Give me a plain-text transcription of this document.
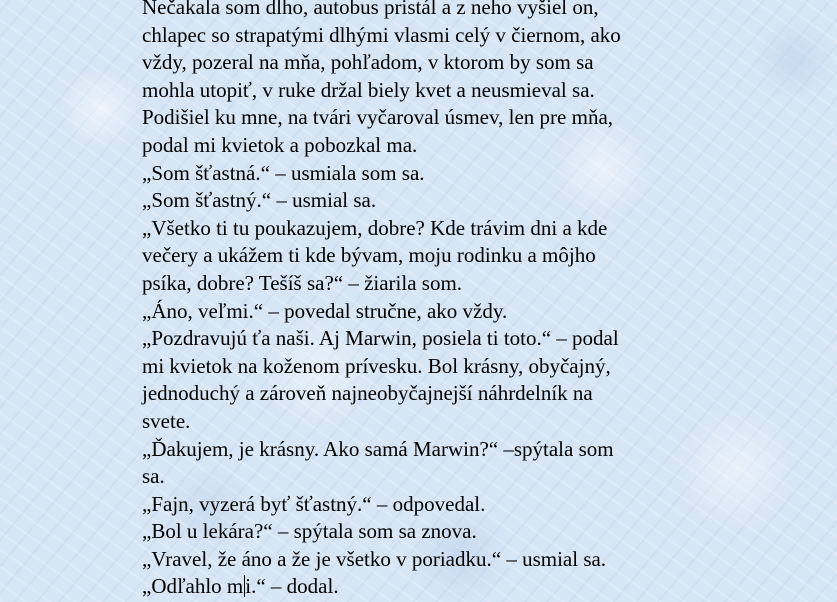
Nečakala som dlho, autobus pristál a z neho vyšiel on,
chlapec so strapatými dlhými vlasmi celý v čiernom, ako
vždy, pozeral na mňa, pohľadom, v ktorom by som sa
mohla utopiť, v ruke držal biely kvet a neusmieval sa.
Podišiel ku mne, na tvári vyčaroval úsmev, len pre mňa,
podal mi kvietok a pobozkal ma.
„Som šťastná.“ – usmiala som sa.
„Som šťastný.“ – usmial sa.
„Všetko ti tu poukazujem, dobre? Kde trávim dni a kde
večery a ukážem ti kde bývam, moju rodinku a môjho
psíka, dobre? Tešíš sa?“ – žiarila som.
„Áno, veľmi.“ – povedal stručne, ako vždy.
„Pozdravujú ťa naši. Aj Marwin, posiela ti toto.“ – podal
mi kvietok na koženom prívesku. Bol krásny, obyčajný,
jednoduchý a zároveň najneobyčajnejší náhrdelník na
svete.
„Ďakujem, je krásny. Ako samá Marwin?“ –spýtala som
sa.
„Fajn, vyzerá byť šťastný.“ – odpovedal.
„Bol u lekára?“ – spýtala som sa znova.
„Vravel, že áno a že je všetko v poriadku.“ – usmial sa.
„Odľahlo mi.“ – dodal.
